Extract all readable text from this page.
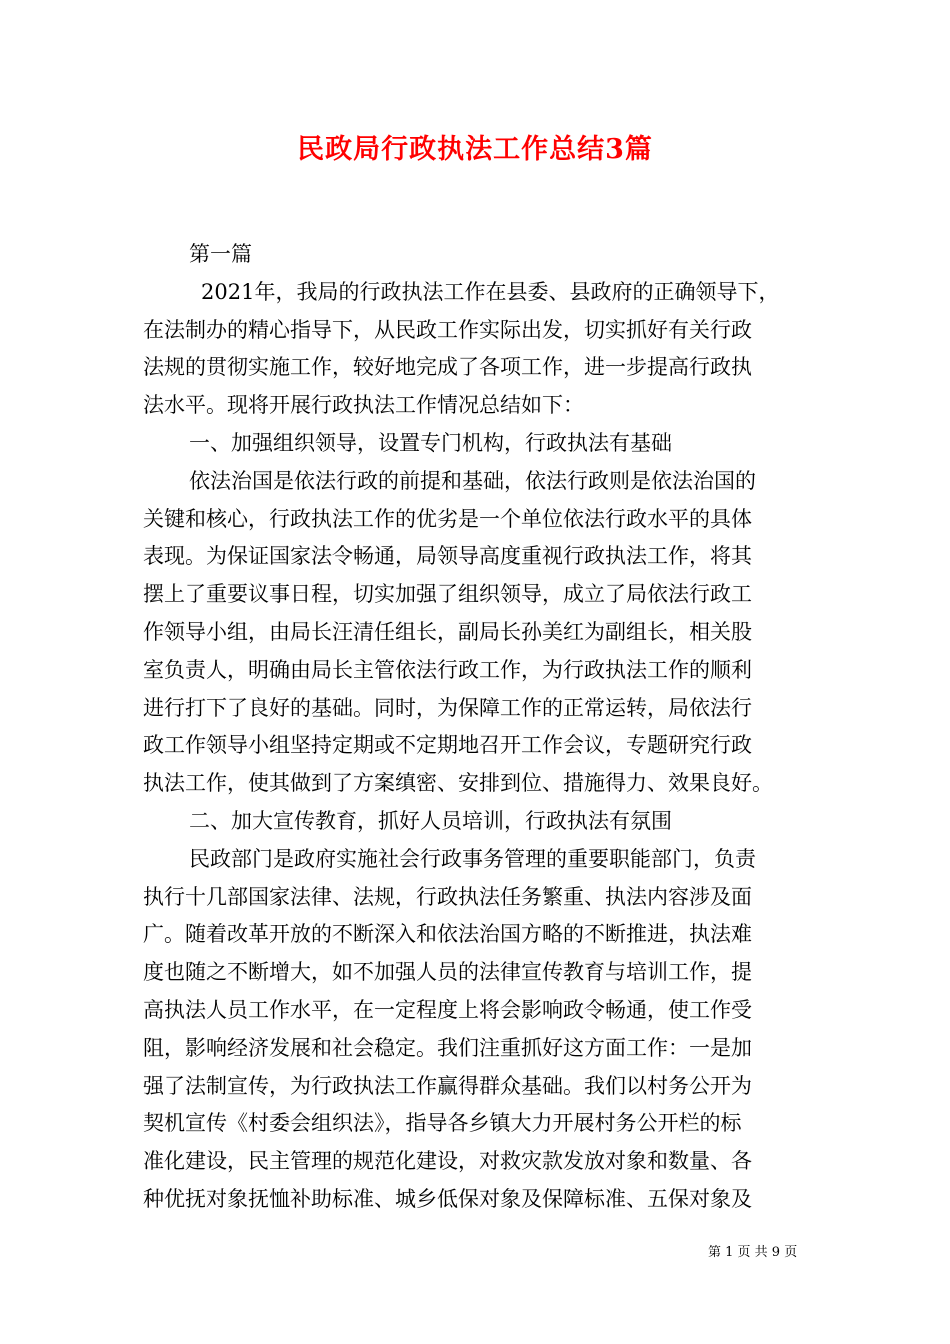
民政局行政执法工作总结3篇
第一篇
2021年，我局的行政执法工作在县委、县政府的正确领导下，
在法制办的精心指导下，从民政工作实际出发，切实抓好有关行政
法规的贯彻实施工作，较好地完成了各项工作，进一步提高行政执
法水平。现将开展行政执法工作情况总结如下：
一、加强组织领导，设置专门机构，行政执法有基础
依法治国是依法行政的前提和基础，依法行政则是依法治国的
关键和核心，行政执法工作的优劣是一个单位依法行政水平的具体
表现。为保证国家法令畅通，局领导高度重视行政执法工作，将其
摆上了重要议事日程，切实加强了组织领导，成立了局依法行政工
作领导小组，由局长汪清任组长，副局长孙美红为副组长，相关股
室负责人，明确由局长主管依法行政工作，为行政执法工作的顺利
进行打下了良好的基础。同时，为保障工作的正常运转，局依法行
政工作领导小组坚持定期或不定期地召开工作会议，专题研究行政
执法工作，使其做到了方案缜密、安排到位、措施得力、效果良好。
二、加大宣传教育，抓好人员培训，行政执法有氛围
民政部门是政府实施社会行政事务管理的重要职能部门，负责
执行十几部国家法律、法规，行政执法任务繁重、执法内容涉及面
广。随着改革开放的不断深入和依法治国方略的不断推进，执法难
度也随之不断增大，如不加强人员的法律宣传教育与培训工作，提
高执法人员工作水平，在一定程度上将会影响政令畅通，使工作受
阻，影响经济发展和社会稳定。我们注重抓好这方面工作：一是加
强了法制宣传，为行政执法工作赢得群众基础。我们以村务公开为
契机宣传《村委会组织法》，指导各乡镇大力开展村务公开栏的标
准化建设，民主管理的规范化建设，对救灾款发放对象和数量、各
种优抚对象抚恤补助标准、城乡低保对象及保障标准、五保对象及
第 1 页 共 9 页
